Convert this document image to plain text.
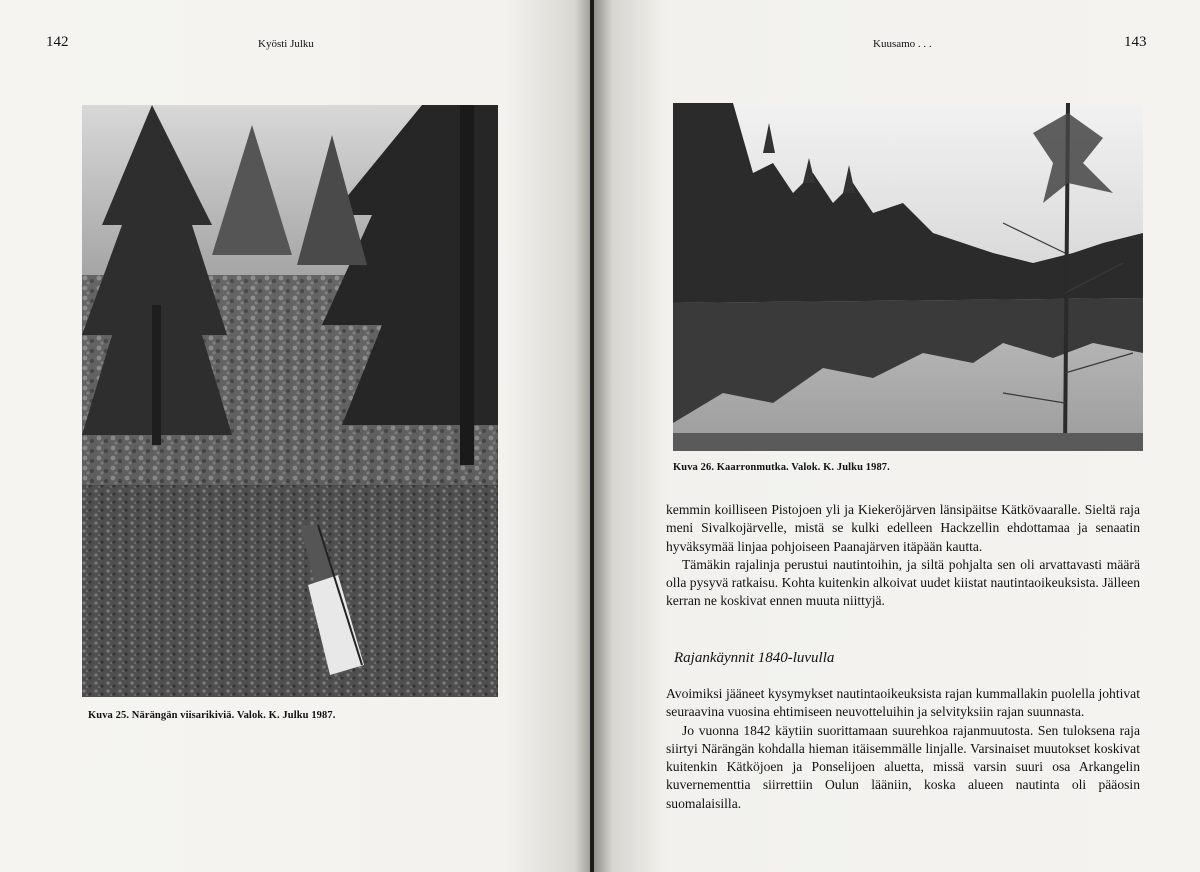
142	Kyösti Julku
Kuva 25. Närängän viisarikiviä. Valok. K. Julku 1987.
Kuusamo . . .	143
Kuva 26. Kaarronmutka. Valok. K. Julku 1987.

kemmin koilliseen Pistojoen yli ja Kiekeröjärven länsipäitse Kätkövaaralle. Sieltä raja meni Sivalkojärvelle, mistä se kulki edelleen Hackzellin ehdottamaa ja senaatin hyväksymää linjaa pohjoiseen Paanajärven itäpään kautta.

Tämäkin rajalinja perustui nautintoihin, ja siltä pohjalta sen oli arvattavasti määrä olla pysyvä ratkaisu. Kohta kuitenkin alkoivat uudet kiistat nautintaoikeuksista. Jälleen kerran ne koskivat ennen muuta niittyjä.

Rajankäynnit 1840-luvulla

Avoimiksi jääneet kysymykset nautintaoikeuksista rajan kummallakin puolella johtivat seuraavina vuosina ehtimiseen neuvotteluihin ja selvityksiin rajan suunnasta.

Jo vuonna 1842 käytiin suorittamaan suurehkoa rajanmuutosta. Sen tuloksena raja siirtyi Närängän kohdalla hieman itäisemmälle linjalle. Varsinaiset muutokset koskivat kuitenkin Kätköjoen ja Ponselijoen aluetta, missä varsin suuri osa Arkangelin kuvernementtia siirrettiin Oulun lääniin, koska alueen nautinta oli pääosin suomalaisilla.
